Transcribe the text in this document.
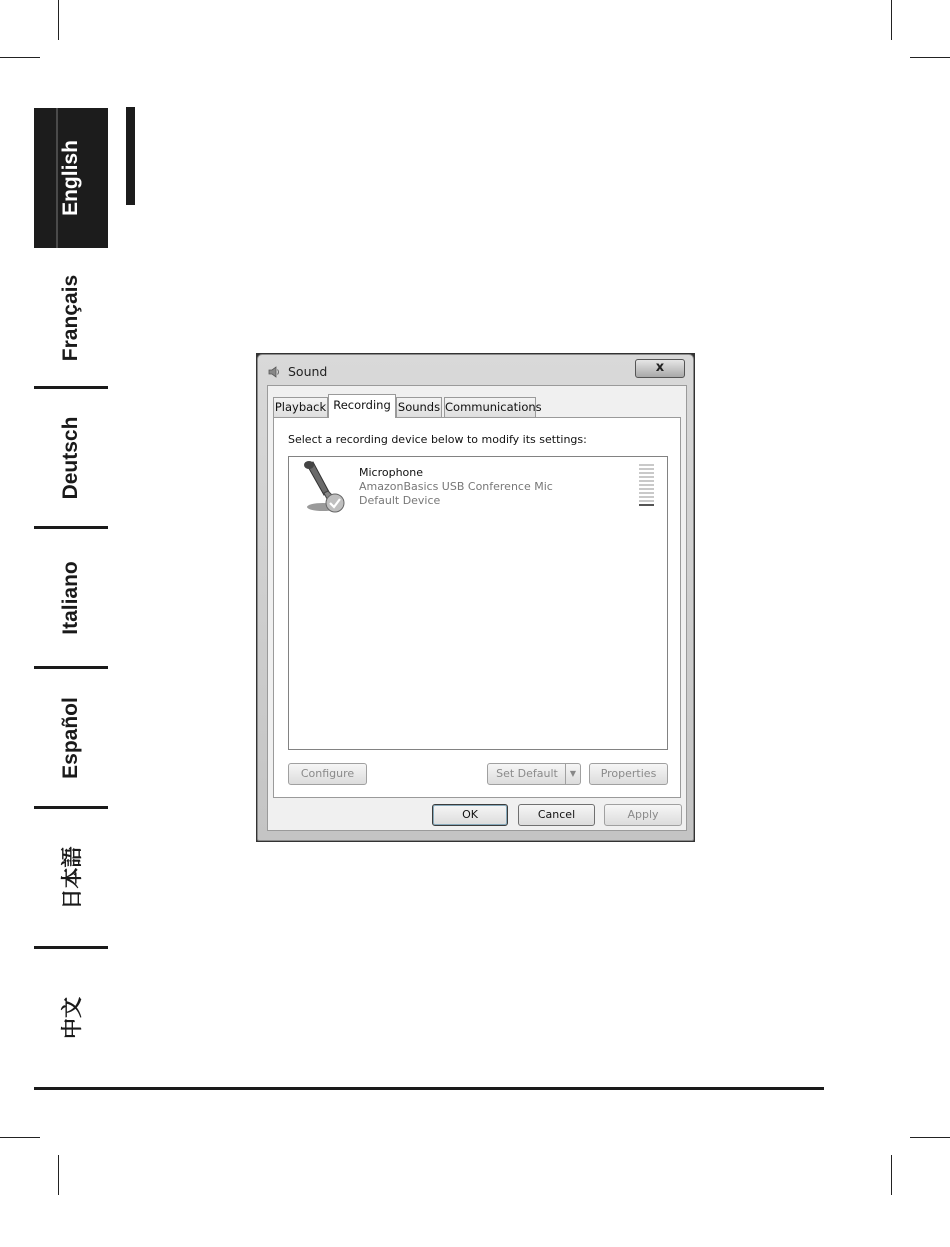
English
Français
Deutsch
Italiano
Español
日本語
中文
Sound	x
Playback Recording Sounds Communications
Select a recording device below to modify its settings:
Microphone
AmazonBasics USB Conference Mic
Default Device
Configure	Set Default	▼	Properties
OK	Cancel	Apply
